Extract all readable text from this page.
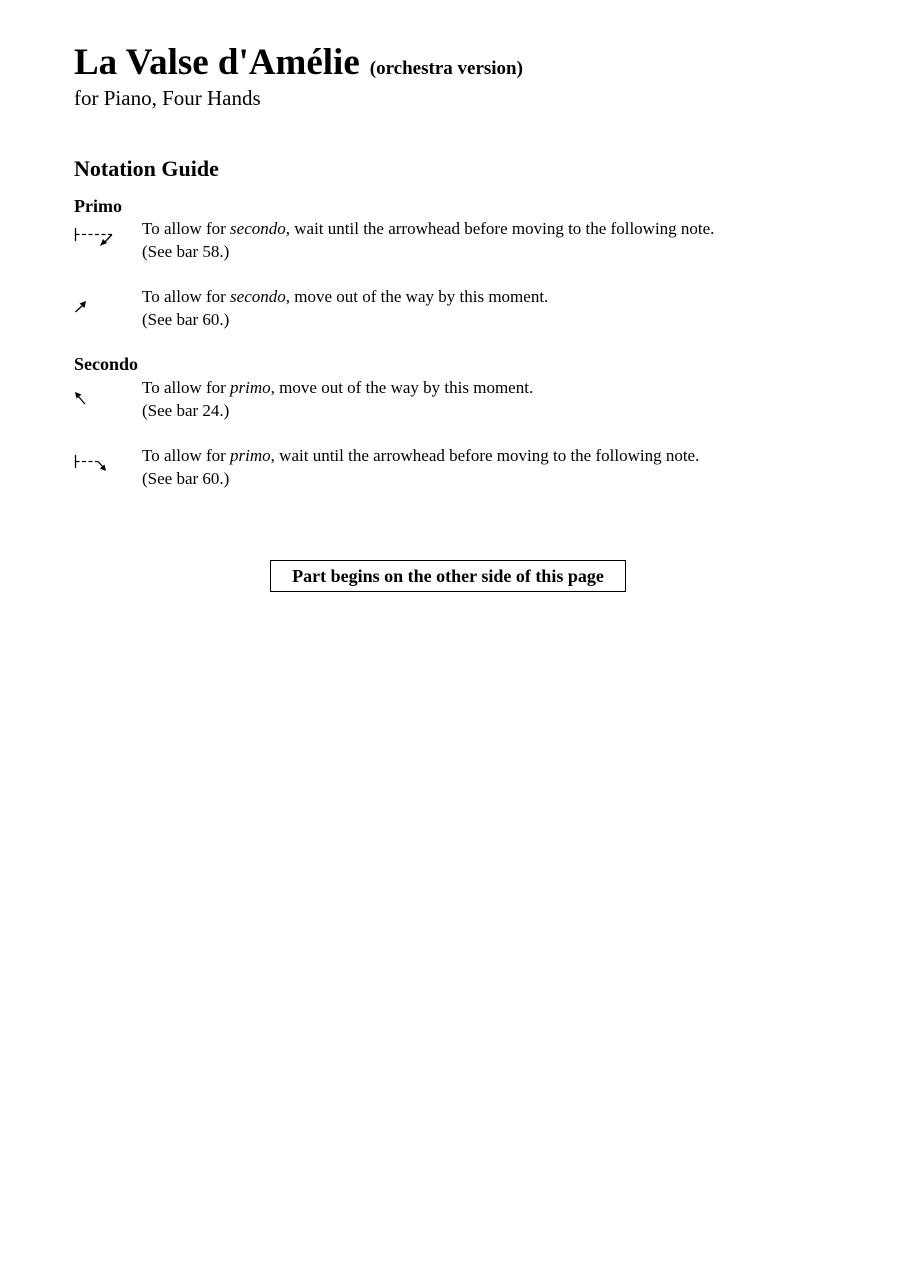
La Valse d'Amélie (orchestra version)
for Piano, Four Hands
Notation Guide
Primo
To allow for secondo, wait until the arrowhead before moving to the following note.
(See bar 58.)
To allow for secondo, move out of the way by this moment.
(See bar 60.)
Secondo
To allow for primo, move out of the way by this moment.
(See bar 24.)
To allow for primo, wait until the arrowhead before moving to the following note.
(See bar 60.)
Part begins on the other side of this page
